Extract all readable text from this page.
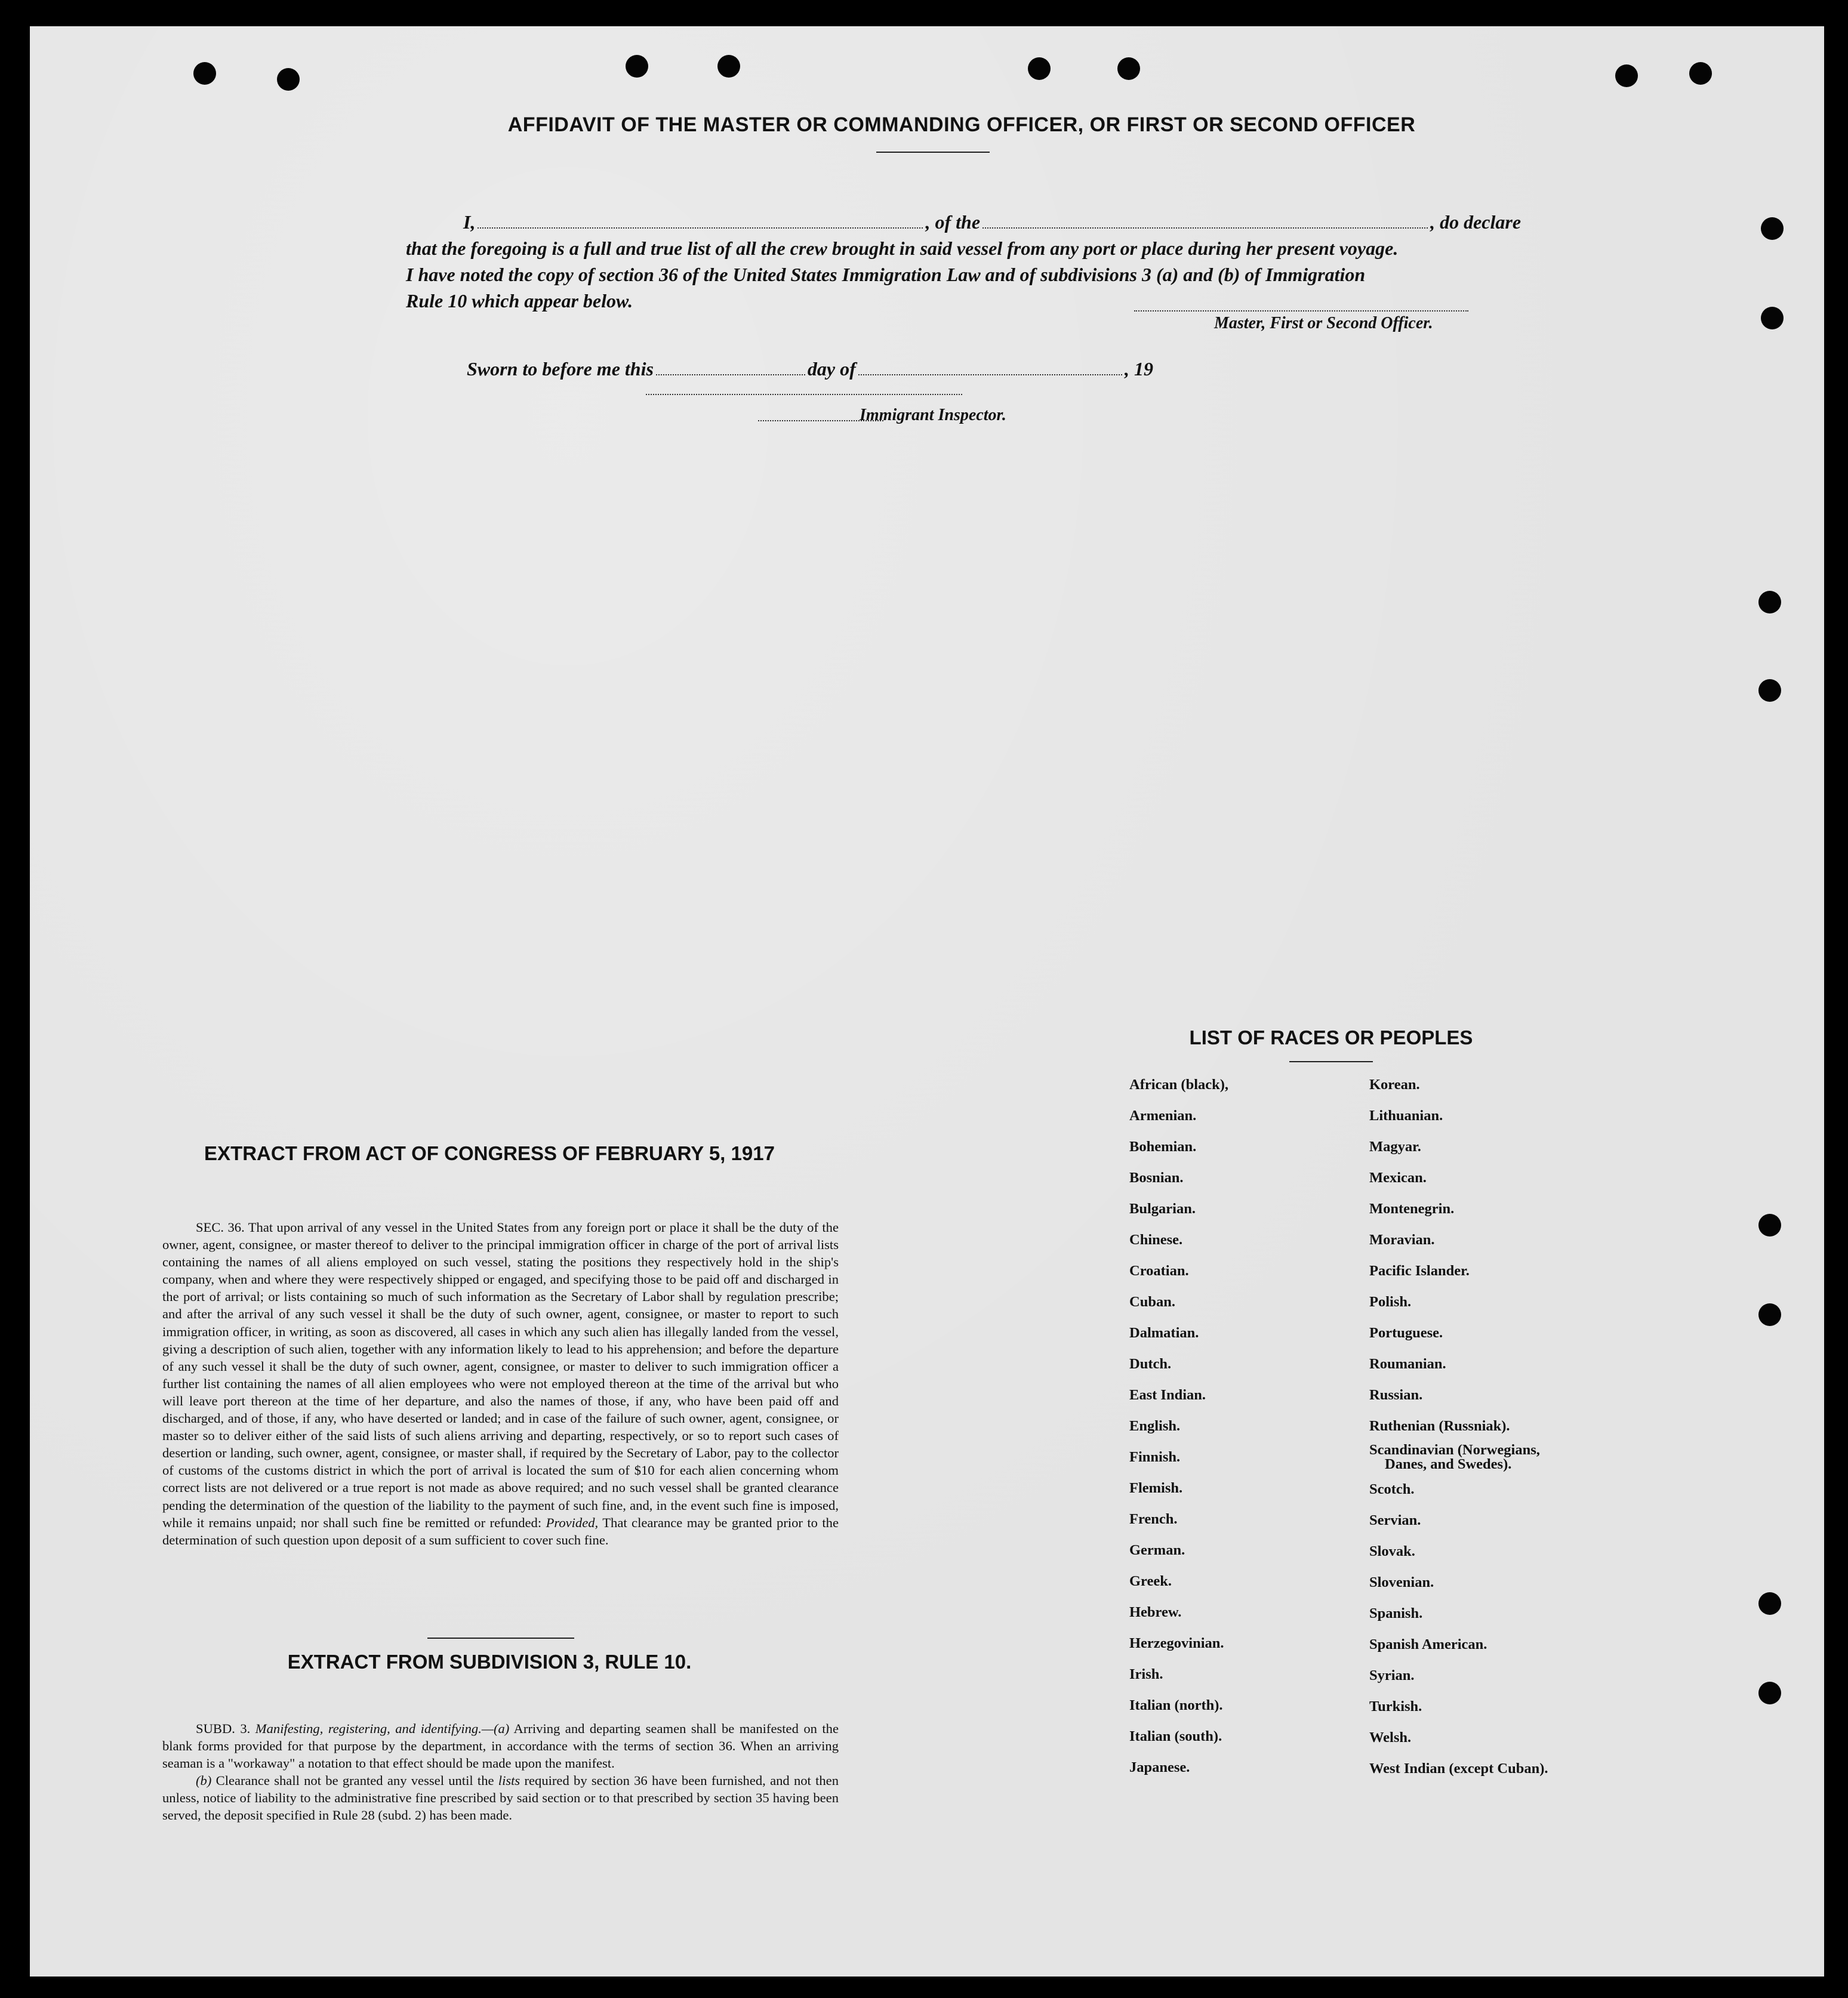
AFFIDAVIT OF THE MASTER OR COMMANDING OFFICER, OR FIRST OR SECOND OFFICER
I,	, of the	, do declare
that the foregoing is a full and true list of all the crew brought in said vessel from any port or place during her present voyage.
I have noted the copy of section 36 of the United States Immigration Law and of subdivisions 3 (a) and (b) of Immigration
Rule 10 which appear below.
Master, First or Second Officer.
Sworn to before me this	day of	, 19
Immigrant Inspector.
EXTRACT FROM ACT OF CONGRESS OF FEBRUARY 5, 1917

SEC. 36. That upon arrival of any vessel in the United States from any foreign port or place it shall be the duty of the owner, agent, consignee, or master thereof to deliver to the principal immigration officer in charge of the port of arrival lists containing the names of all aliens employed on such vessel, stating the positions they respectively hold in the ship's company, when and where they were respectively shipped or engaged, and specifying those to be paid off and discharged in the port of arrival; or lists containing so much of such information as the Secretary of Labor shall by regulation prescribe; and after the arrival of any such vessel it shall be the duty of such owner, agent, consignee, or master to report to such immigration officer, in writing, as soon as discovered, all cases in which any such alien has illegally landed from the vessel, giving a description of such alien, together with any information likely to lead to his apprehension; and before the departure of any such vessel it shall be the duty of such owner, agent, consignee, or master to deliver to such immigration officer a further list containing the names of all alien employees who were not employed thereon at the time of the arrival but who will leave port thereon at the time of her departure, and also the names of those, if any, who have been paid off and discharged, and of those, if any, who have deserted or landed; and in case of the failure of such owner, agent, consignee, or master so to deliver either of the said lists of such aliens arriving and departing, respectively, or so to report such cases of desertion or landing, such owner, agent, consignee, or master shall, if required by the Secretary of Labor, pay to the collector of customs of the customs district in which the port of arrival is located the sum of $10 for each alien concerning whom correct lists are not delivered or a true report is not made as above required; and no such vessel shall be granted clearance pending the determination of the question of the liability to the payment of such fine, and, in the event such fine is imposed, while it remains unpaid; nor shall such fine be remitted or refunded: Provided, That clearance may be granted prior to the determination of such question upon deposit of a sum sufficient to cover such fine.

EXTRACT FROM SUBDIVISION 3, RULE 10.

SUBD. 3. Manifesting, registering, and identifying.—(a) Arriving and departing seamen shall be manifested on the blank forms provided for that purpose by the department, in accordance with the terms of section 36. When an arriving seaman is a "workaway" a notation to that effect should be made upon the manifest.

(b) Clearance shall not be granted any vessel until the lists required by section 36 have been furnished, and not then unless, notice of liability to the administrative fine prescribed by said section or to that prescribed by section 35 having been served, the deposit specified in Rule 28 (subd. 2) has been made.

LIST OF RACES OR PEOPLES
African (black),
Armenian.
Bohemian.
Bosnian.
Bulgarian.
Chinese.
Croatian.
Cuban.
Dalmatian.
Dutch.
East Indian.
English.
Finnish.
Flemish.
French.
German.
Greek.
Hebrew.
Herzegovinian.
Irish.
Italian (north).
Italian (south).
Japanese.
Korean.
Lithuanian.
Magyar.
Mexican.
Montenegrin.
Moravian.
Pacific Islander.
Polish.
Portuguese.
Roumanian.
Russian.
Ruthenian (Russniak).
Scandinavian (Norwegians,
Danes, and Swedes).
Scotch.
Servian.
Slovak.
Slovenian.
Spanish.
Spanish American.
Syrian.
Turkish.
Welsh.
West Indian (except Cuban).
